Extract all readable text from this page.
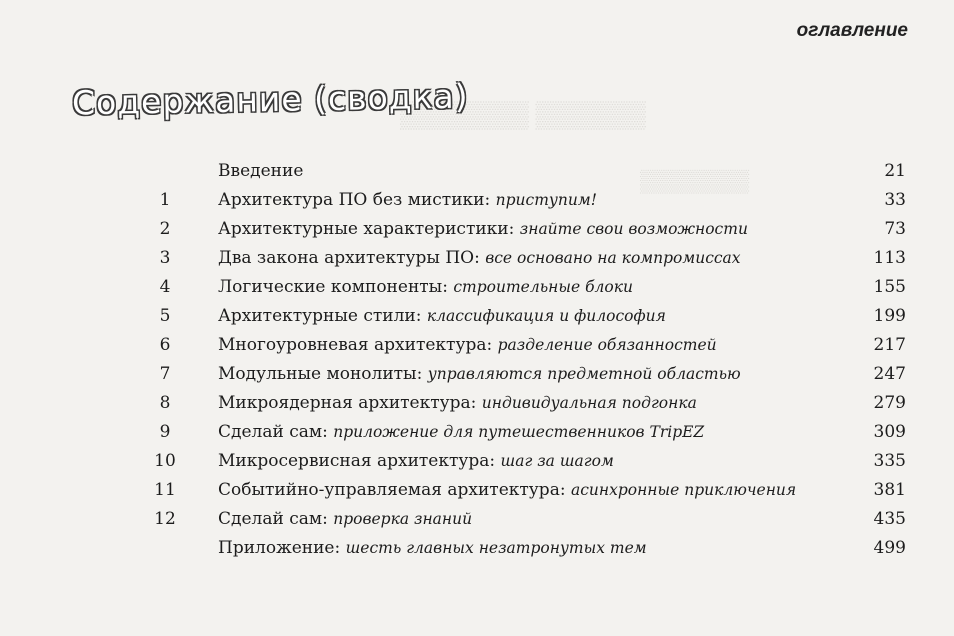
▒▒▒▒▒▒▒ ▒▒▒▒▒▒
▒▒▒▒▒▒▒
оглавление
Содержание (сводка)
Введение	21
1	Архитектура ПО без мистики: приступим!	33
2	Архитектурные характеристики: знайте свои возможности	73
3	Два закона архитектуры ПО: все основано на компромиссах	113
4	Логические компоненты: строительные блоки	155
5	Архитектурные стили: классификация и философия	199
6	Многоуровневая архитектура: разделение обязанностей	217
7	Модульные монолиты: управляются предметной областью	247
8	Микроядерная архитектура: индивидуальная подгонка	279
9	Сделай сам: приложение для путешественников TripEZ	309
10	Микросервисная архитектура: шаг за шагом	335
11	Событийно-управляемая архитектура: асинхронные приключения	381
12	Сделай сам: проверка знаний	435
Приложение: шесть главных незатронутых тем	499
